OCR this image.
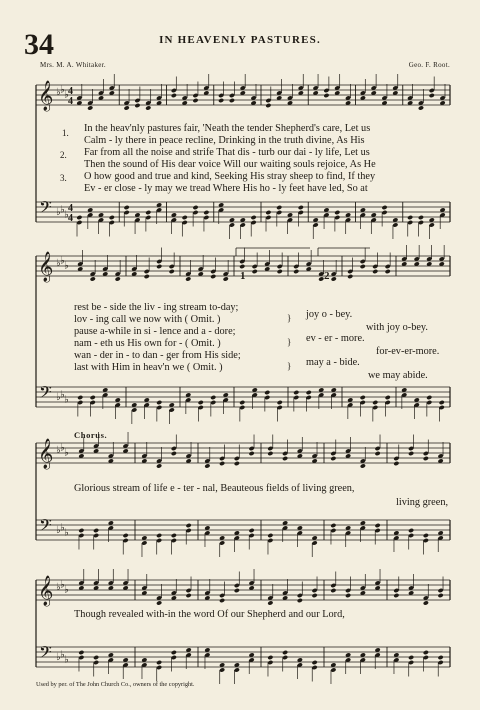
34	IN HEAVENLY PASTURES.
Mrs. M. A. Whitaker.	Geo. F. Root.
𝄞
𝄢
♭ ♭ ♭
♭ ♭ ♭
4
4
4
4
𝄞
𝄢
♭ ♭ ♭
♭ ♭ ♭
𝄞
𝄢
♭ ♭ ♭
♭ ♭ ♭
𝄞
𝄢
♭ ♭ ♭
♭ ♭ ♭
1.
2.
3.
In the heav'nly pastures fair, 'Neath the tender Shepherd's care, Let us
Calm - ly there in peace recline, Drinking in the truth divine, As His
Far from all the noise and strife That dis - turb our dai - ly life, Let us
Then the sound of His dear voice Will our waiting souls rejoice, As He
O how good and true and kind, Seeking His stray sheep to find, If they
Ev - er close - ly may we tread Where His ho - ly feet have led, So at
1	2
rest be - side the liv - ing stream to-day;
lov - ing call we now with ( Omit. )
pause a-while in si - lence and a - dore;
nam - eth us His own for - ( Omit. )
wan - der in - to dan - ger from His side;
last with Him in heav'n we ( Omit. )
}
}
}
joy o - bey.
with joy o-bey.
ev - er - more.
for-ev-er-more.
may a - bide.
we may abide.
Chorus.
Glorious stream of life e - ter - nal, Beauteous fields of living green,
living green,
Though revealed with-in the word Of our Shepherd and our Lord,
Used by per. of The John Church Co., owners of the copyright.
